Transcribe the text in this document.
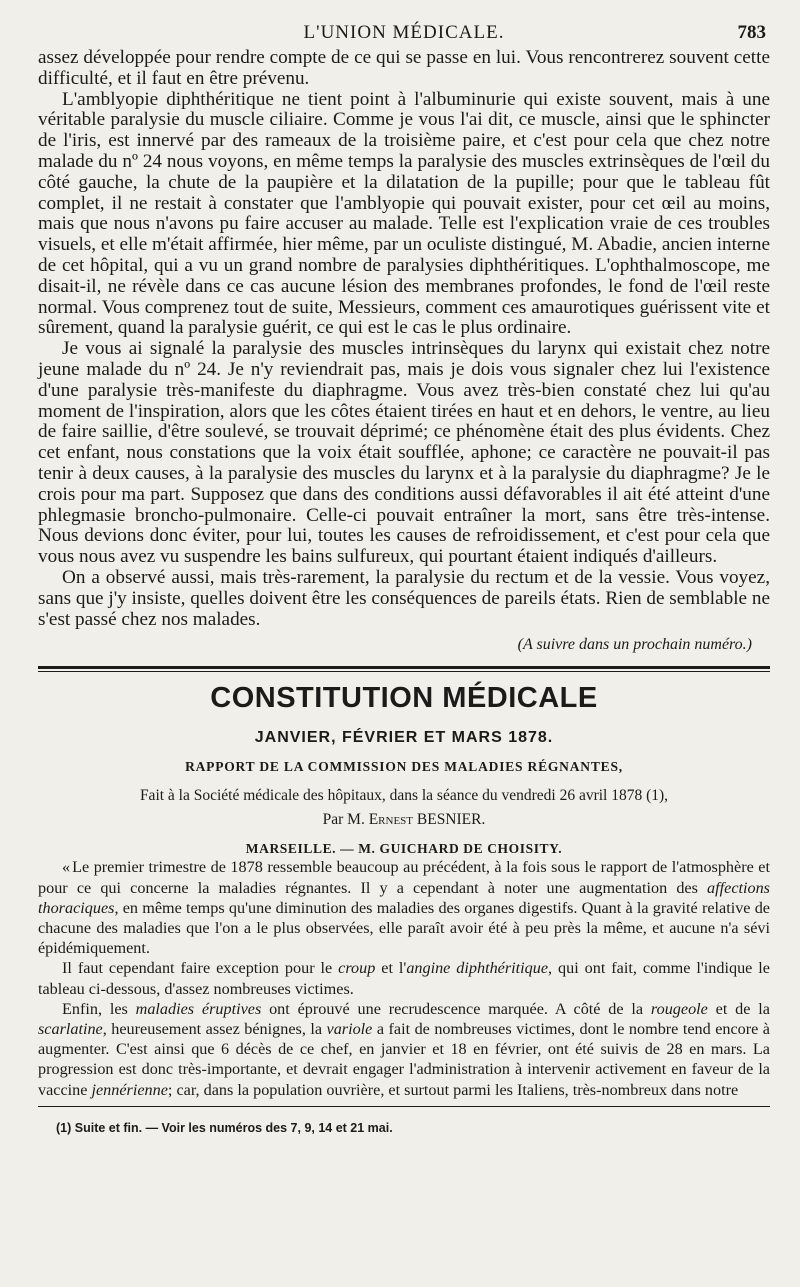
L'UNION MÉDICALE.	783

assez développée pour rendre compte de ce qui se passe en lui. Vous rencontrerez souvent cette difficulté, et il faut en être prévenu.

L'amblyopie diphthéritique ne tient point à l'albuminurie qui existe souvent, mais à une véritable paralysie du muscle ciliaire. Comme je vous l'ai dit, ce muscle, ainsi que le sphincter de l'iris, est innervé par des rameaux de la troisième paire, et c'est pour cela que chez notre malade du nº 24 nous voyons, en même temps la paralysie des muscles extrinsèques de l'œil du côté gauche, la chute de la paupière et la dilatation de la pupille; pour que le tableau fût complet, il ne restait à constater que l'amblyopie qui pouvait exister, pour cet œil au moins, mais que nous n'avons pu faire accuser au malade. Telle est l'explication vraie de ces troubles visuels, et elle m'était affirmée, hier même, par un oculiste distingué, M. Abadie, ancien interne de cet hôpital, qui a vu un grand nombre de paralysies diphthéritiques. L'ophthalmoscope, me disait-il, ne révèle dans ce cas aucune lésion des membranes profondes, le fond de l'œil reste normal. Vous comprenez tout de suite, Messieurs, comment ces amaurotiques guérissent vite et sûrement, quand la paralysie guérit, ce qui est le cas le plus ordinaire.

Je vous ai signalé la paralysie des muscles intrinsèques du larynx qui existait chez notre jeune malade du nº 24. Je n'y reviendrait pas, mais je dois vous signaler chez lui l'existence d'une paralysie très-manifeste du diaphragme. Vous avez très-bien constaté chez lui qu'au moment de l'inspiration, alors que les côtes étaient tirées en haut et en dehors, le ventre, au lieu de faire saillie, d'être soulevé, se trouvait déprimé; ce phénomène était des plus évidents. Chez cet enfant, nous constations que la voix était soufflée, aphone; ce caractère ne pouvait-il pas tenir à deux causes, à la paralysie des muscles du larynx et à la paralysie du diaphragme? Je le crois pour ma part. Supposez que dans des conditions aussi défavorables il ait été atteint d'une phlegmasie broncho-pulmonaire. Celle-ci pouvait entraîner la mort, sans être très-intense. Nous devions donc éviter, pour lui, toutes les causes de refroidissement, et c'est pour cela que vous nous avez vu suspendre les bains sulfureux, qui pourtant étaient indiqués d'ailleurs.

On a observé aussi, mais très-rarement, la paralysie du rectum et de la vessie. Vous voyez, sans que j'y insiste, quelles doivent être les conséquences de pareils états. Rien de semblable ne s'est passé chez nos malades.

(A suivre dans un prochain numéro.)
CONSTITUTION MÉDICALE
JANVIER, FÉVRIER ET MARS 1878.
RAPPORT DE LA COMMISSION DES MALADIES RÉGNANTES,
Fait à la Société médicale des hôpitaux, dans la séance du vendredi 26 avril 1878 (1),
Par M. Ernest BESNIER.
MARSEILLE. — M. GUICHARD DE CHOISITY.

« Le premier trimestre de 1878 ressemble beaucoup au précédent, à la fois sous le rapport de l'atmosphère et pour ce qui concerne la maladies régnantes. Il y a cependant à noter une augmentation des affections thoraciques, en même temps qu'une diminution des maladies des organes digestifs. Quant à la gravité relative de chacune des maladies que l'on a le plus observées, elle paraît avoir été à peu près la même, et aucune n'a sévi épidémiquement.

Il faut cependant faire exception pour le croup et l'angine diphthéritique, qui ont fait, comme l'indique le tableau ci-dessous, d'assez nombreuses victimes.

Enfin, les maladies éruptives ont éprouvé une recrudescence marquée. A côté de la rougeole et de la scarlatine, heureusement assez bénignes, la variole a fait de nombreuses victimes, dont le nombre tend encore à augmenter. C'est ainsi que 6 décès de ce chef, en janvier et 18 en février, ont été suivis de 28 en mars. La progression est donc très-importante, et devrait engager l'administration à intervenir activement en faveur de la vaccine jennérienne; car, dans la population ouvrière, et surtout parmi les Italiens, très-nombreux dans notre

(1) Suite et fin. — Voir les numéros des 7, 9, 14 et 21 mai.
